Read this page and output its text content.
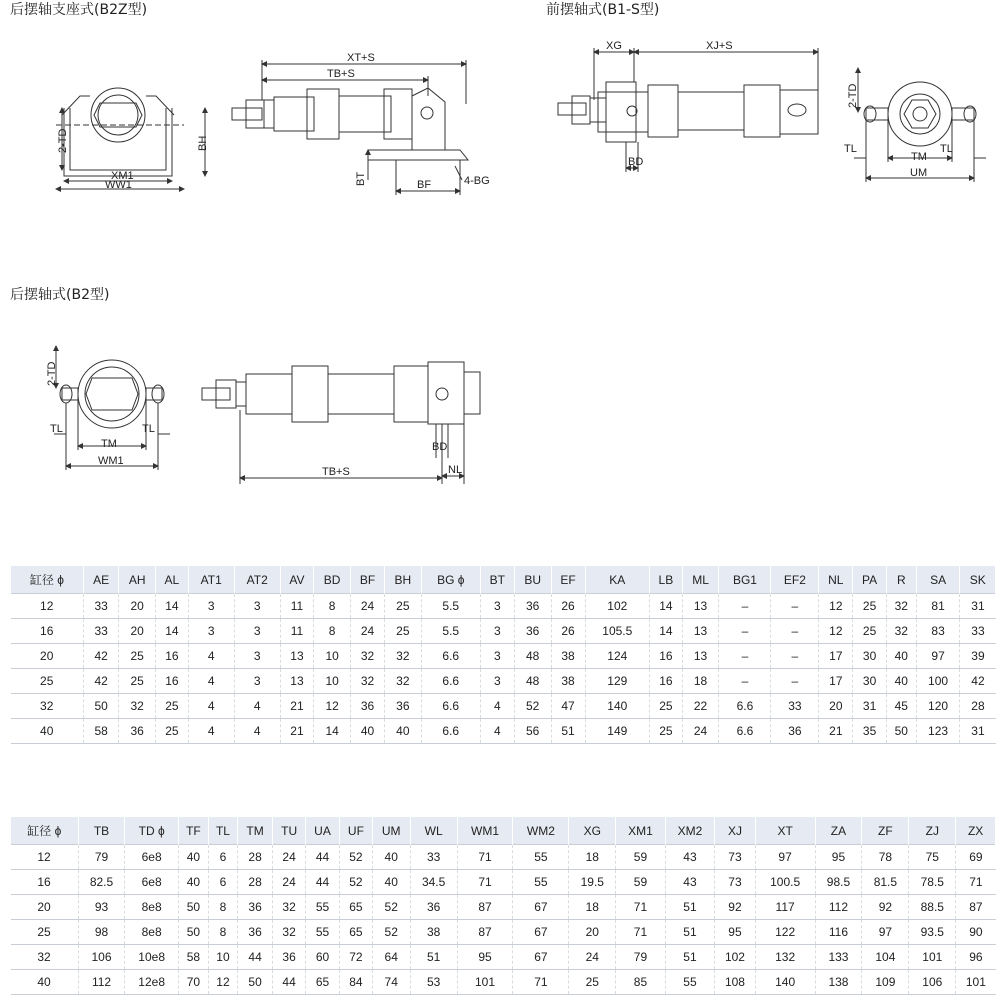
后摆轴支座式(B2Z型)	前摆轴式(B1-S型)
后摆轴式(B2型)
XM1
WW1
BH
2-TD
XT+S
TB+S
BT	BF	4-BG
XG	XJ+S
BD
2-TD
TL
TM
TL
UM
2-TD
TL
TM
TL
WM1
BD
TB+S	NL
缸径 ϕ	AE	AH	AL	AT1	AT2	AV	BD	BF	BH	BG ϕ	BT	BU	EF	KA	LB	ML	BG1	EF2	NL	PA	R	SA	SK
12	33	20	14	3	3	11	8	24	25	5.5	3	36	26	102	14	13	–	–	12	25	32	81	31
16	33	20	14	3	3	11	8	24	25	5.5	3	36	26	105.5	14	13	–	–	12	25	32	83	33
20	42	25	16	4	3	13	10	32	32	6.6	3	48	38	124	16	13	–	–	17	30	40	97	39
25	42	25	16	4	3	13	10	32	32	6.6	3	48	38	129	16	18	–	–	17	30	40	100	42
32	50	32	25	4	4	21	12	36	36	6.6	4	52	47	140	25	22	6.6	33	20	31	45	120	28
40	58	36	25	4	4	21	14	40	40	6.6	4	56	51	149	25	24	6.6	36	21	35	50	123	31
缸径 ϕ	TB	TD ϕ	TF	TL	TM	TU	UA	UF	UM	WL	WM1	WM2	XG	XM1	XM2	XJ	XT	ZA	ZF	ZJ	ZX
12	79	6e8	40	6	28	24	44	52	40	33	71	55	18	59	43	73	97	95	78	75	69
16	82.5	6e8	40	6	28	24	44	52	40	34.5	71	55	19.5	59	43	73	100.5	98.5	81.5	78.5	71
20	93	8e8	50	8	36	32	55	65	52	36	87	67	18	71	51	92	117	112	92	88.5	87
25	98	8e8	50	8	36	32	55	65	52	38	87	67	20	71	51	95	122	116	97	93.5	90
32	106	10e8	58	10	44	36	60	72	64	51	95	67	24	79	51	102	132	133	104	101	96
40	112	12e8	70	12	50	44	65	84	74	53	101	71	25	85	55	108	140	138	109	106	101
